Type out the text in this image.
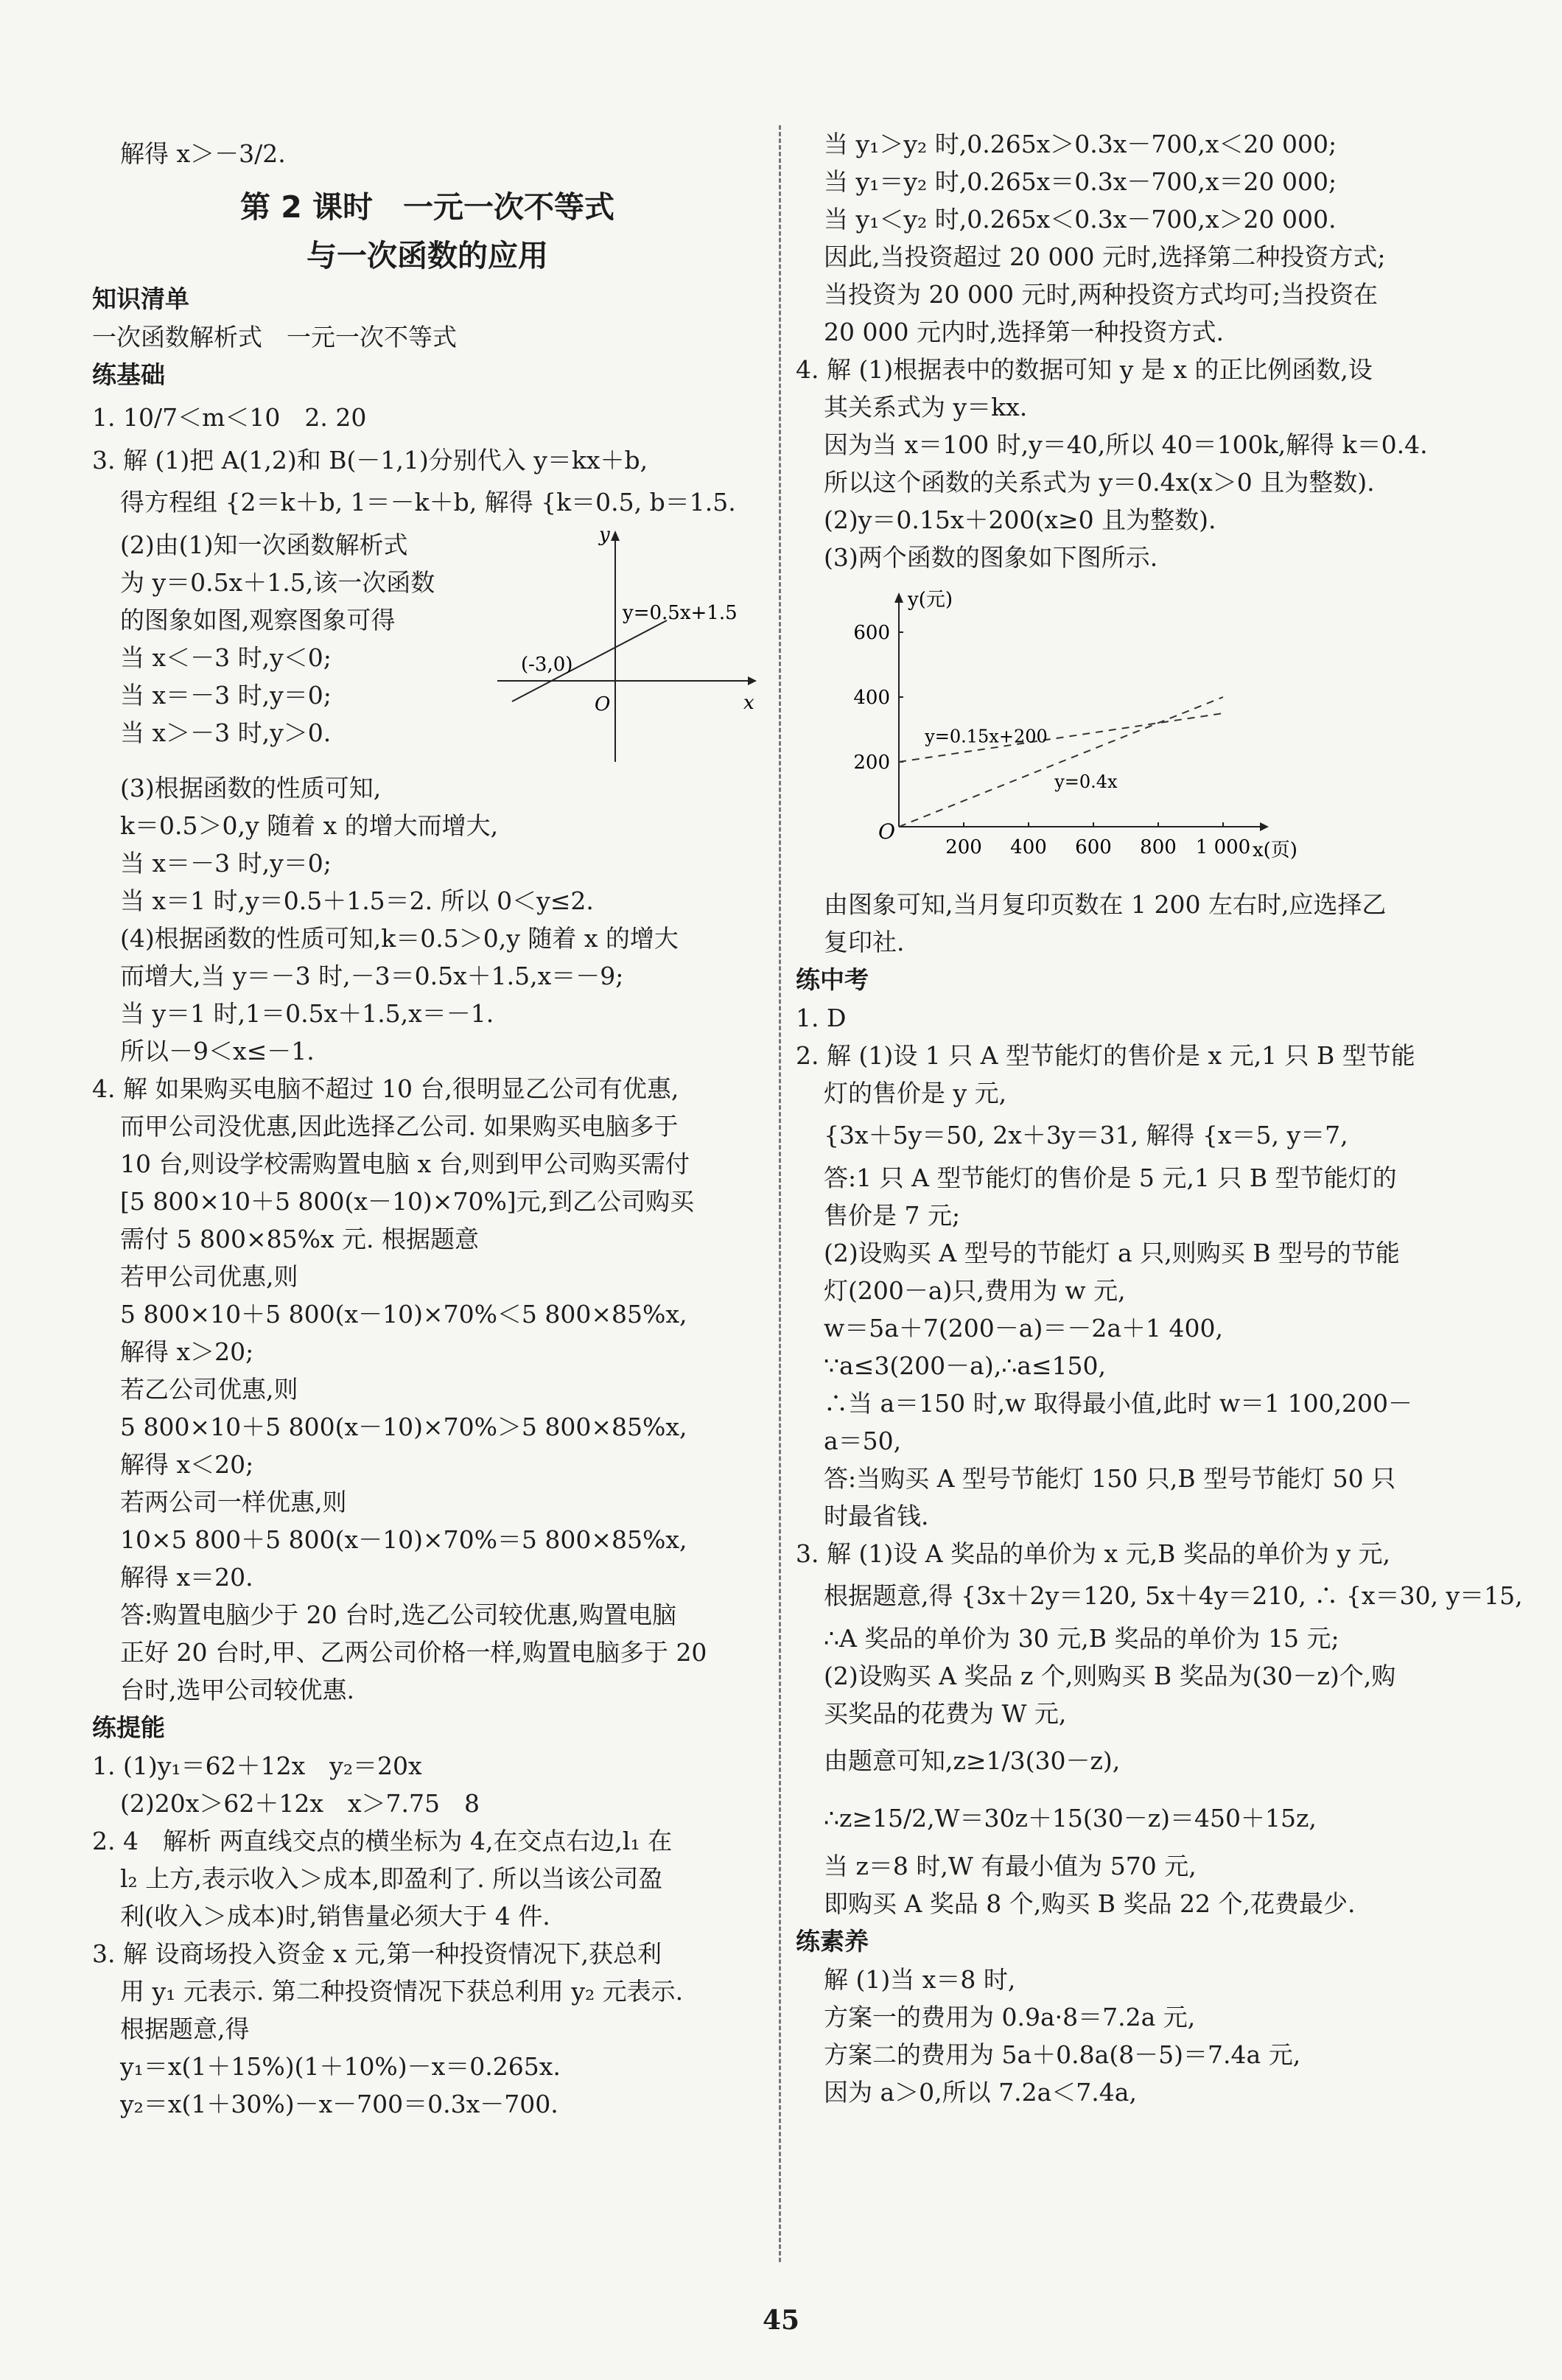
解得 x＞－3/2.
第 2 课时　一元一次不等式
与一次函数的应用
知识清单
一次函数解析式　一元一次不等式
练基础
1. 10/7＜m＜10　2. 20
3. 解 (1)把 A(1,2)和 B(－1,1)分别代入 y＝kx＋b,
得方程组 {2＝k＋b, 1＝－k＋b, 解得 {k＝0.5, b＝1.5.
(2)由(1)知一次函数解析式
为 y＝0.5x＋1.5,该一次函数
的图象如图,观察图象可得
当 x＜－3 时,y＜0;
当 x＝－3 时,y＝0;
当 x＞－3 时,y＞0.
y
x
O
y=0.5x+1.5
(-3,0)
(3)根据函数的性质可知,
k＝0.5＞0,y 随着 x 的增大而增大,
当 x＝－3 时,y＝0;
当 x＝1 时,y＝0.5＋1.5＝2. 所以 0＜y≤2.
(4)根据函数的性质可知,k＝0.5＞0,y 随着 x 的增大
而增大,当 y＝－3 时,－3＝0.5x＋1.5,x＝－9;
当 y＝1 时,1＝0.5x＋1.5,x＝－1.
所以－9＜x≤－1.
4. 解 如果购买电脑不超过 10 台,很明显乙公司有优惠,
而甲公司没优惠,因此选择乙公司. 如果购买电脑多于
10 台,则设学校需购置电脑 x 台,则到甲公司购买需付
[5 800×10＋5 800(x－10)×70%]元,到乙公司购买
需付 5 800×85%x 元. 根据题意
若甲公司优惠,则
5 800×10＋5 800(x－10)×70%＜5 800×85%x,
解得 x＞20;
若乙公司优惠,则
5 800×10＋5 800(x－10)×70%＞5 800×85%x,
解得 x＜20;
若两公司一样优惠,则
10×5 800＋5 800(x－10)×70%＝5 800×85%x,
解得 x＝20.
答:购置电脑少于 20 台时,选乙公司较优惠,购置电脑
正好 20 台时,甲、乙两公司价格一样,购置电脑多于 20
台时,选甲公司较优惠.
练提能
1. (1)y₁＝62＋12x　y₂＝20x
(2)20x＞62＋12x　x＞7.75　8
2. 4　解析 两直线交点的横坐标为 4,在交点右边,l₁ 在
l₂ 上方,表示收入＞成本,即盈利了. 所以当该公司盈
利(收入＞成本)时,销售量必须大于 4 件.
3. 解 设商场投入资金 x 元,第一种投资情况下,获总利
用 y₁ 元表示. 第二种投资情况下获总利用 y₂ 元表示.
根据题意,得
y₁＝x(1＋15%)(1＋10%)－x＝0.265x.
y₂＝x(1＋30%)－x－700＝0.3x－700.
当 y₁＞y₂ 时,0.265x＞0.3x－700,x＜20 000;
当 y₁＝y₂ 时,0.265x＝0.3x－700,x＝20 000;
当 y₁＜y₂ 时,0.265x＜0.3x－700,x＞20 000.
因此,当投资超过 20 000 元时,选择第二种投资方式;
当投资为 20 000 元时,两种投资方式均可;当投资在
20 000 元内时,选择第一种投资方式.
4. 解 (1)根据表中的数据可知 y 是 x 的正比例函数,设
其关系式为 y＝kx.
因为当 x＝100 时,y＝40,所以 40＝100k,解得 k＝0.4.
所以这个函数的关系式为 y＝0.4x(x＞0 且为整数).
(2)y＝0.15x＋200(x≥0 且为整数).
(3)两个函数的图象如下图所示.
200 400 600 800 1 000
200
400
600
O
y(元)
x(页)
y=0.15x+200
y=0.4x
由图象可知,当月复印页数在 1 200 左右时,应选择乙
复印社.
练中考
1. D
2. 解 (1)设 1 只 A 型节能灯的售价是 x 元,1 只 B 型节能
灯的售价是 y 元,
{3x＋5y＝50, 2x＋3y＝31, 解得 {x＝5, y＝7,
答:1 只 A 型节能灯的售价是 5 元,1 只 B 型节能灯的
售价是 7 元;
(2)设购买 A 型号的节能灯 a 只,则购买 B 型号的节能
灯(200－a)只,费用为 w 元,
w＝5a＋7(200－a)＝－2a＋1 400,
∵a≤3(200－a),∴a≤150,
∴当 a＝150 时,w 取得最小值,此时 w＝1 100,200－
a＝50,
答:当购买 A 型号节能灯 150 只,B 型号节能灯 50 只
时最省钱.
3. 解 (1)设 A 奖品的单价为 x 元,B 奖品的单价为 y 元,
根据题意,得 {3x＋2y＝120, 5x＋4y＝210, ∴ {x＝30, y＝15,
∴A 奖品的单价为 30 元,B 奖品的单价为 15 元;
(2)设购买 A 奖品 z 个,则购买 B 奖品为(30－z)个,购
买奖品的花费为 W 元,
由题意可知,z≥1/3(30－z),
∴z≥15/2,W＝30z＋15(30－z)＝450＋15z,
当 z＝8 时,W 有最小值为 570 元,
即购买 A 奖品 8 个,购买 B 奖品 22 个,花费最少.
练素养
解 (1)当 x＝8 时,
方案一的费用为 0.9a·8＝7.2a 元,
方案二的费用为 5a＋0.8a(8－5)＝7.4a 元,
因为 a＞0,所以 7.2a＜7.4a,
45
